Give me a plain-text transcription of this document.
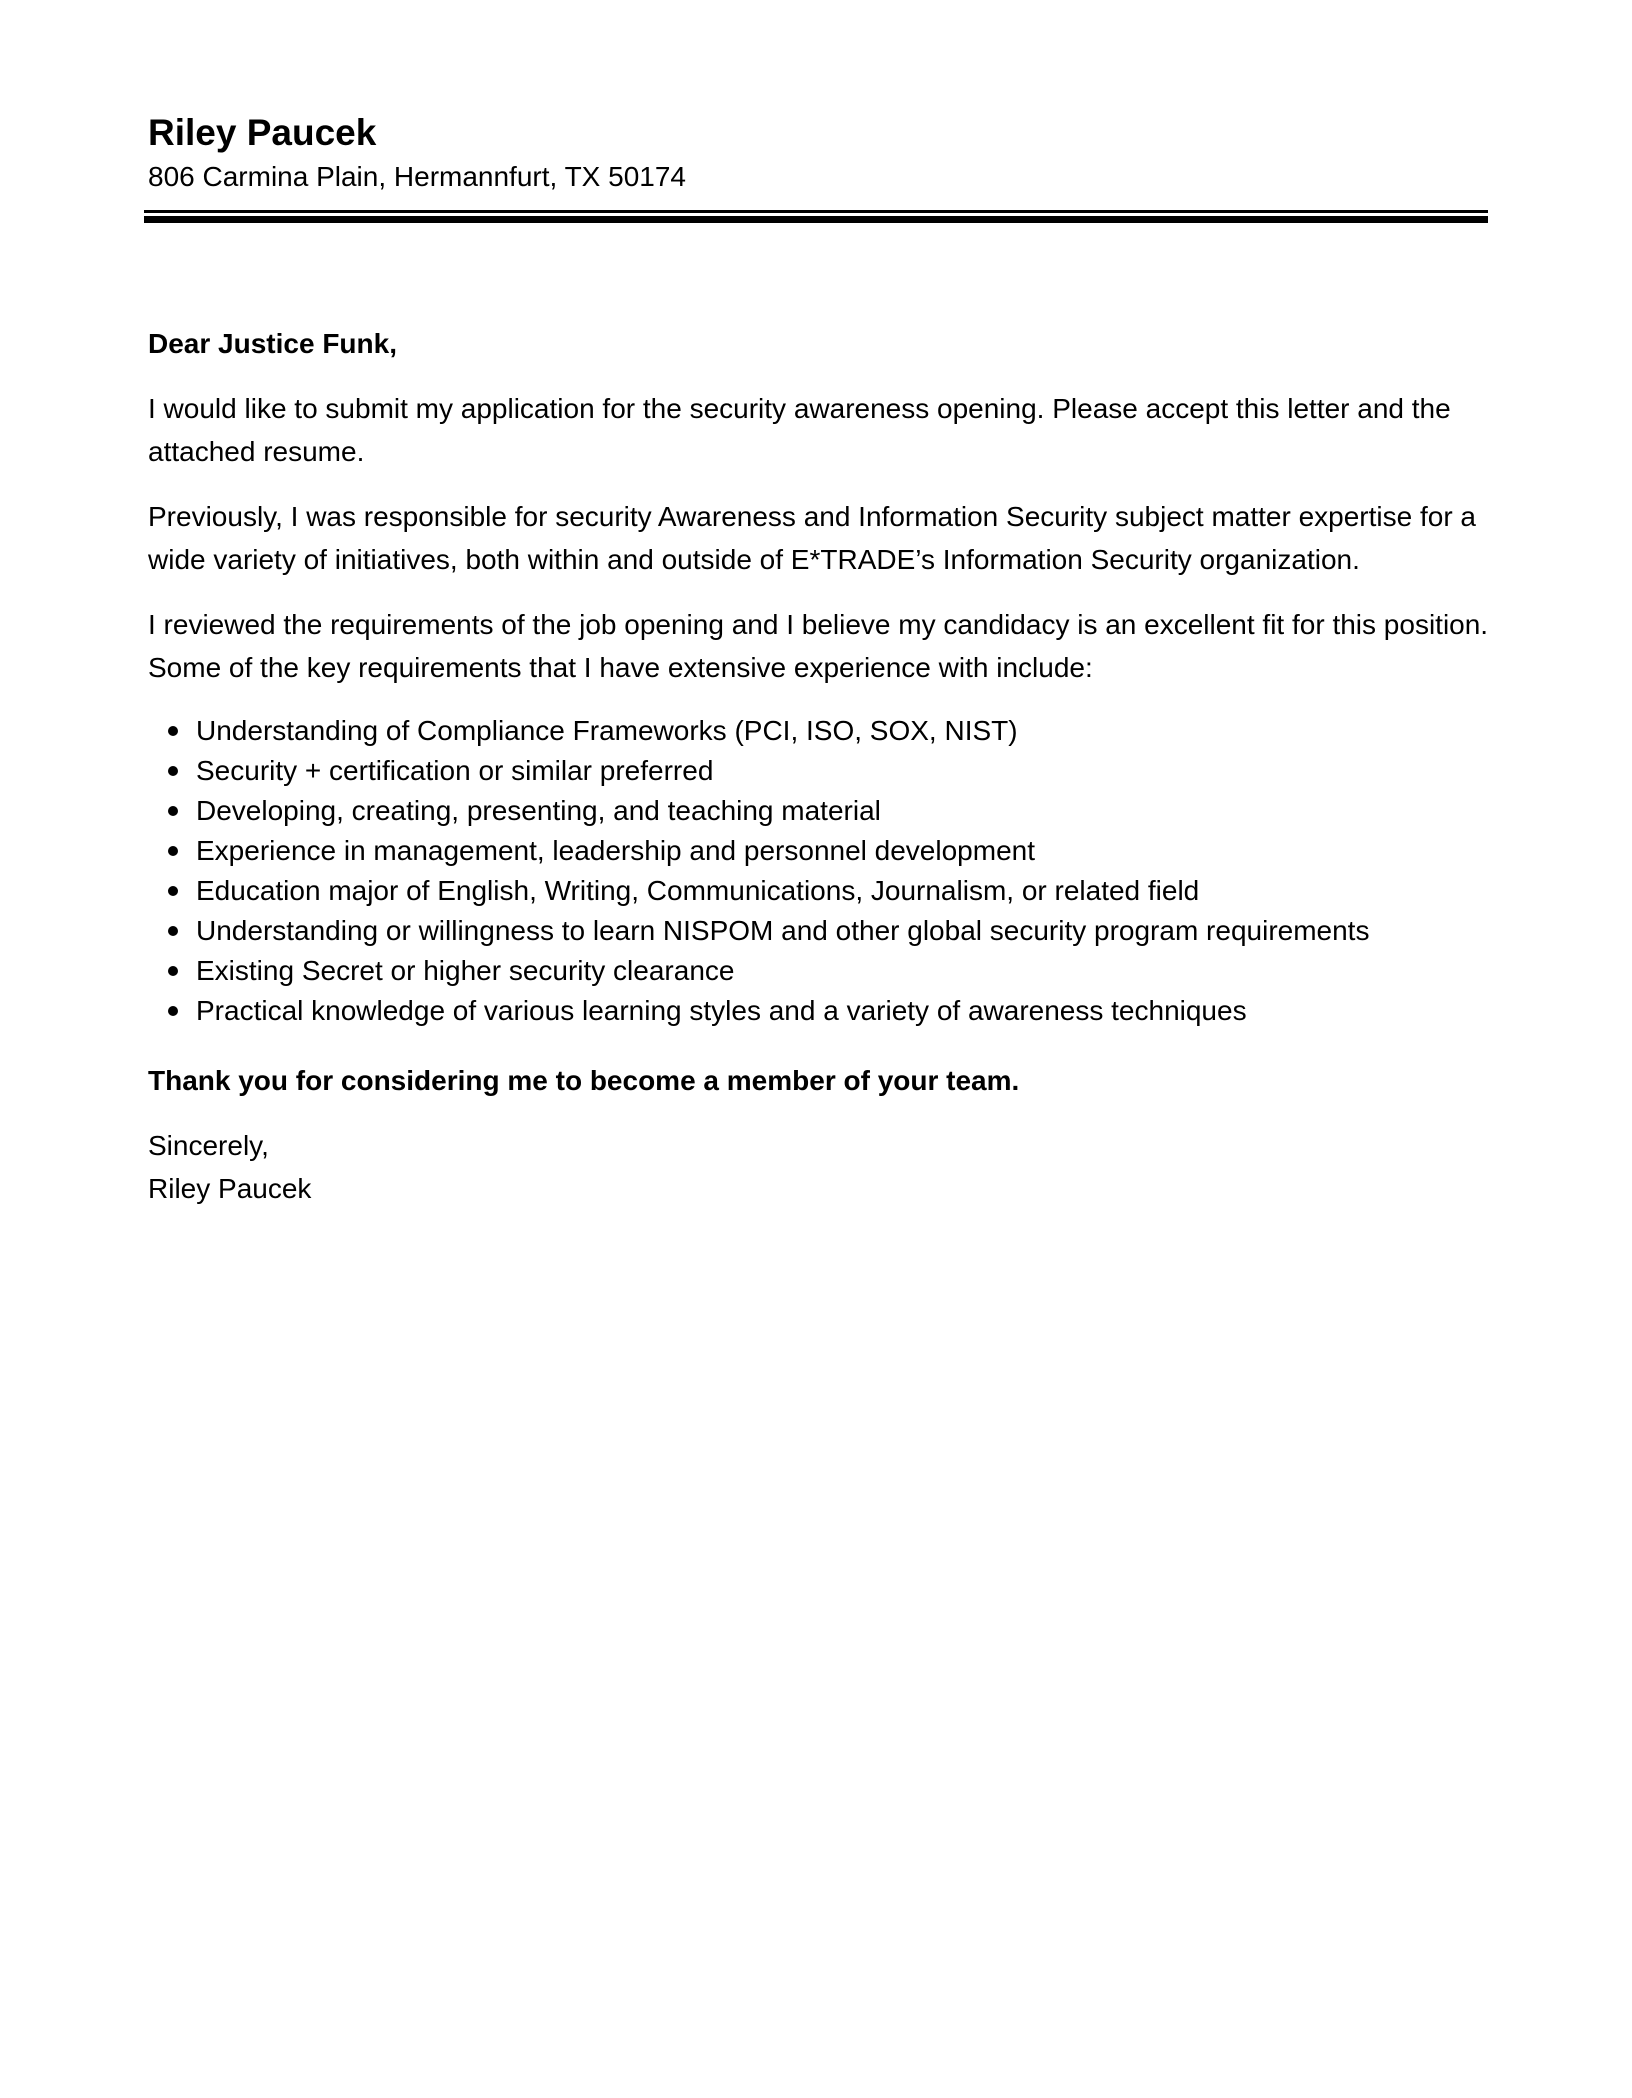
Riley Paucek

806 Carmina Plain, Hermannfurt, TX 50174

Dear Justice Funk,

I would like to submit my application for the security awareness opening. Please accept this letter and the attached resume.

Previously, I was responsible for security Awareness and Information Security subject matter expertise for a wide variety of initiatives, both within and outside of E*TRADE’s Information Security organization.

I reviewed the requirements of the job opening and I believe my candidacy is an excellent fit for this position. Some of the key requirements that I have extensive experience with include:

Understanding of Compliance Frameworks (PCI, ISO, SOX, NIST)
Security + certification or similar preferred
Developing, creating, presenting, and teaching material
Experience in management, leadership and personnel development
Education major of English, Writing, Communications, Journalism, or related field
Understanding or willingness to learn NISPOM and other global security program requirements
Existing Secret or higher security clearance
Practical knowledge of various learning styles and a variety of awareness techniques

Thank you for considering me to become a member of your team.

Sincerely,

Riley Paucek
